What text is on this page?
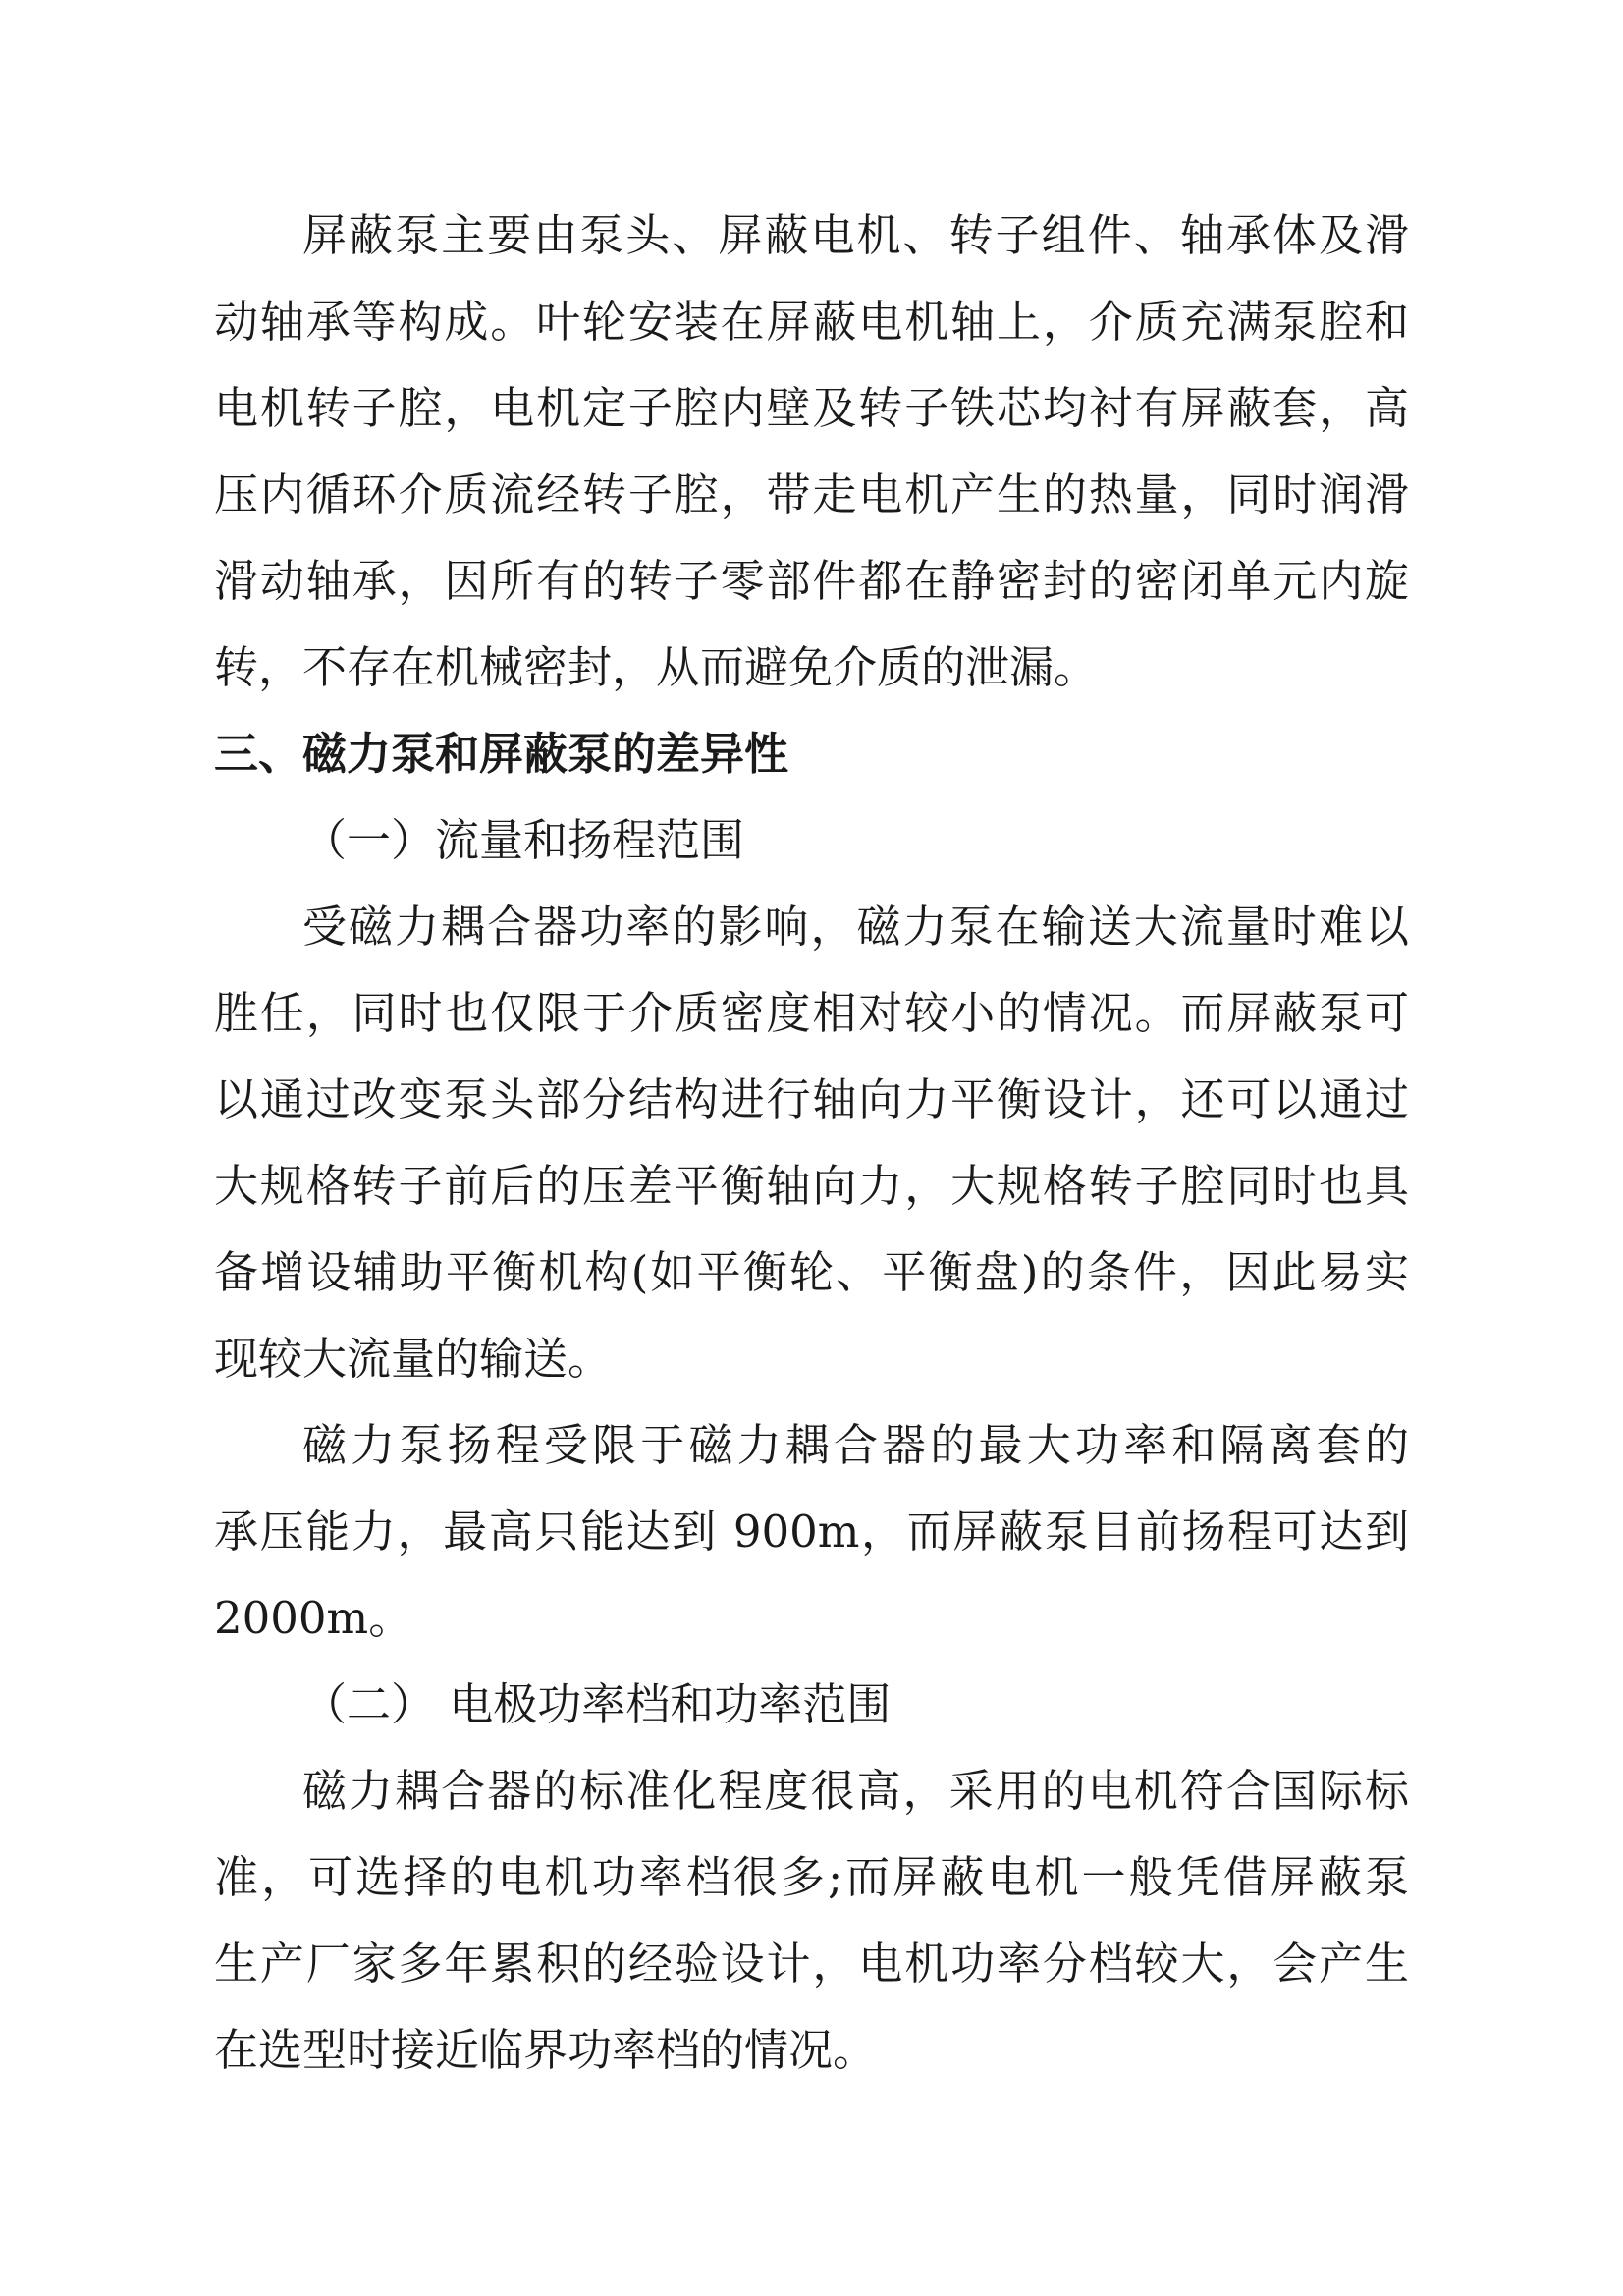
屏蔽泵主要由泵头、屏蔽电机、转子组件、轴承体及滑
动轴承等构成。叶轮安装在屏蔽电机轴上，介质充满泵腔和
电机转子腔，电机定子腔内壁及转子铁芯均衬有屏蔽套，高
压内循环介质流经转子腔，带走电机产生的热量，同时润滑
滑动轴承，因所有的转子零部件都在静密封的密闭单元内旋
转，不存在机械密封，从而避免介质的泄漏。
三、磁力泵和屏蔽泵的差异性
（一）流量和扬程范围
受磁力耦合器功率的影响，磁力泵在输送大流量时难以
胜任，同时也仅限于介质密度相对较小的情况。而屏蔽泵可
以通过改变泵头部分结构进行轴向力平衡设计，还可以通过
大规格转子前后的压差平衡轴向力，大规格转子腔同时也具
备增设辅助平衡机构(如平衡轮、平衡盘)的条件，因此易实
现较大流量的输送。
磁力泵扬程受限于磁力耦合器的最大功率和隔离套的
承压能力，最高只能达到 900m，而屏蔽泵目前扬程可达到
2000m。
（二） 电极功率档和功率范围
磁力耦合器的标准化程度很高，采用的电机符合国际标
准，可选择的电机功率档很多;而屏蔽电机一般凭借屏蔽泵
生产厂家多年累积的经验设计，电机功率分档较大，会产生
在选型时接近临界功率档的情况。
